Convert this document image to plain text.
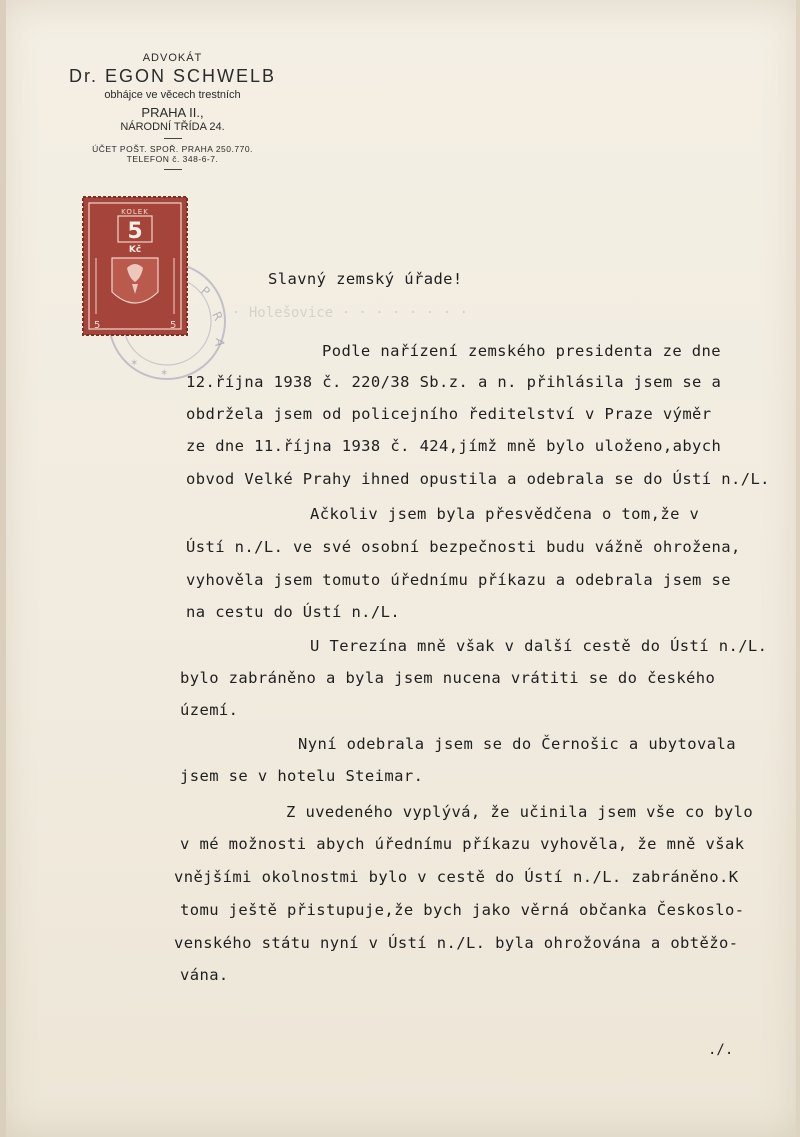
ADVOKÁT
Dr. EGON SCHWELB
obhájce ve věcech trestních
PRAHA II.,
NÁRODNÍ TŘÍDA 24.
ÚČET POŠT. SPOŘ. PRAHA 250.770.
TELEFON č. 348-6-7.
P
R
A
✶
✶
KOLEK
5
Kč
5	5
· Holešovice · · · · · · · ·
Slavný zemský úřade!
Podle nařízení zemského presidenta ze dne
12.října 1938 č. 220/38 Sb.z. a n. přihlásila jsem se a
obdržela jsem od policejního ředitelství v Praze výměr
ze dne 11.října 1938 č. 424,jímž mně bylo uloženo,abych
obvod Velké Prahy ihned opustila a odebrala se do Ústí n./L.
Ačkoliv jsem byla přesvědčena o tom,že v
Ústí n./L. ve své osobní bezpečnosti budu vážně ohrožena,
vyhověla jsem tomuto úřednímu příkazu a odebrala jsem se
na cestu do Ústí n./L.
U Terezína mně však v další cestě do Ústí n./L.
bylo zabráněno a byla jsem nucena vrátiti se do českého
území.
Nyní odebrala jsem se do Černošic a ubytovala
jsem se v hotelu Steimar.
Z uvedeného vyplývá, že učinila jsem vše co bylo
v mé možnosti abych úřednímu příkazu vyhověla, že mně však
vnějšími okolnostmi bylo v cestě do Ústí n./L. zabráněno.K
tomu ještě přistupuje,že bych jako věrná občanka Českoslo-
venského státu nyní v Ústí n./L. byla ohrožována a obtěžo-
vána.
./.
